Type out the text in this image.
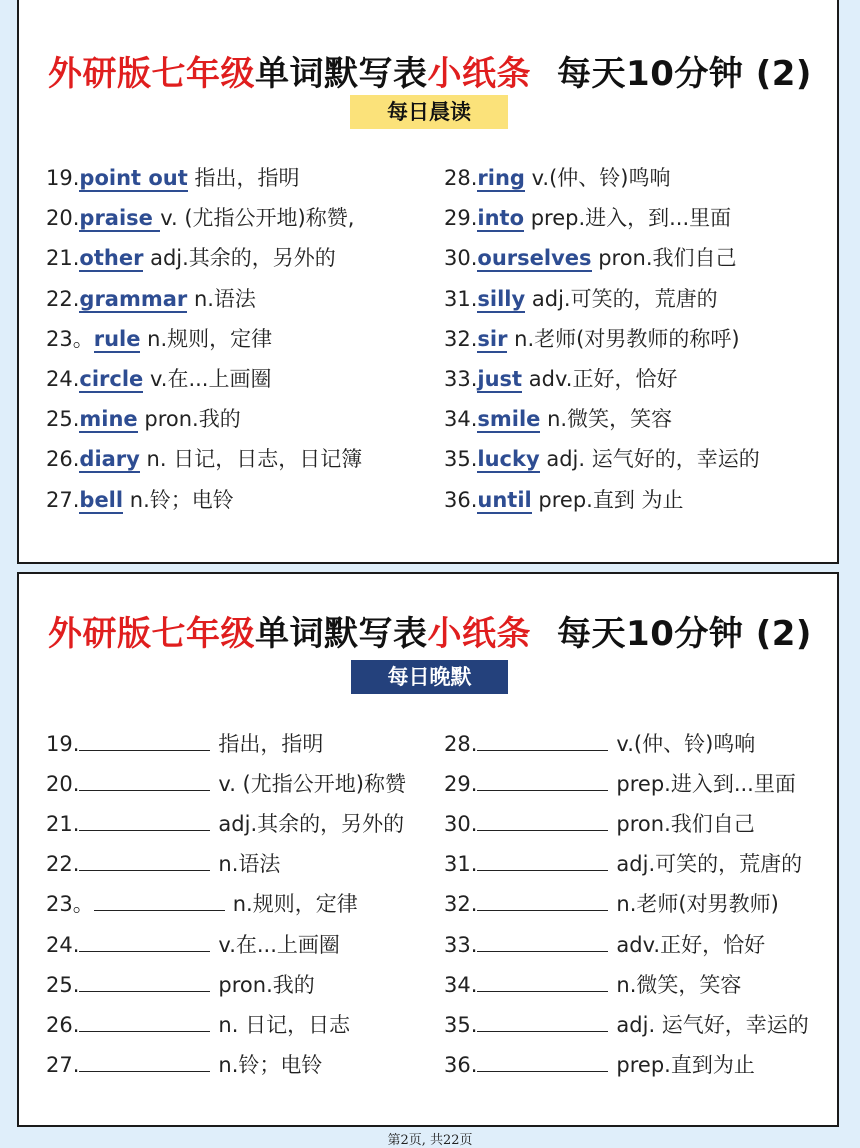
外研版七年级单词默写表小纸条 每天10分钟 (2)
每日晨读
外研版七年级单词默写表小纸条 每天10分钟 (2)
每日晚默
19.point out 指出，指明
20.praise v. (尤指公开地)称赞,
21.other adj.其余的，另外的
22.grammar n.语法
23。rule n.规则，定律
24.circle v.在...上画圈
25.mine pron.我的
26.diary n. 日记，日志，日记簿
27.bell n.铃；电铃
28.ring v.(仲、铃)鸣响
29.into prep.进入，到...里面
30.ourselves pron.我们自己
31.silly adj.可笑的，荒唐的
32.sir n.老师(对男教师的称呼)
33.just adv.正好，恰好
34.smile n.微笑，笑容
35.lucky adj. 运气好的，幸运的
36.until prep.直到 为止
19.	指出，指明
20.	v. (尤指公开地)称赞
21.	adj.其余的，另外的
22.	n.语法
23。	n.规则，定律
24.	v.在...上画圈
25.	pron.我的
26.	n. 日记，日志
27.	n.铃；电铃
28.	v.(仲、铃)鸣响
29.	prep.进入到...里面
30.	pron.我们自己
31.	adj.可笑的，荒唐的
32.	n.老师(对男教师)
33.	adv.正好，恰好
34.	n.微笑，笑容
35.	adj. 运气好，幸运的
36.	prep.直到为止
第2页, 共22页
